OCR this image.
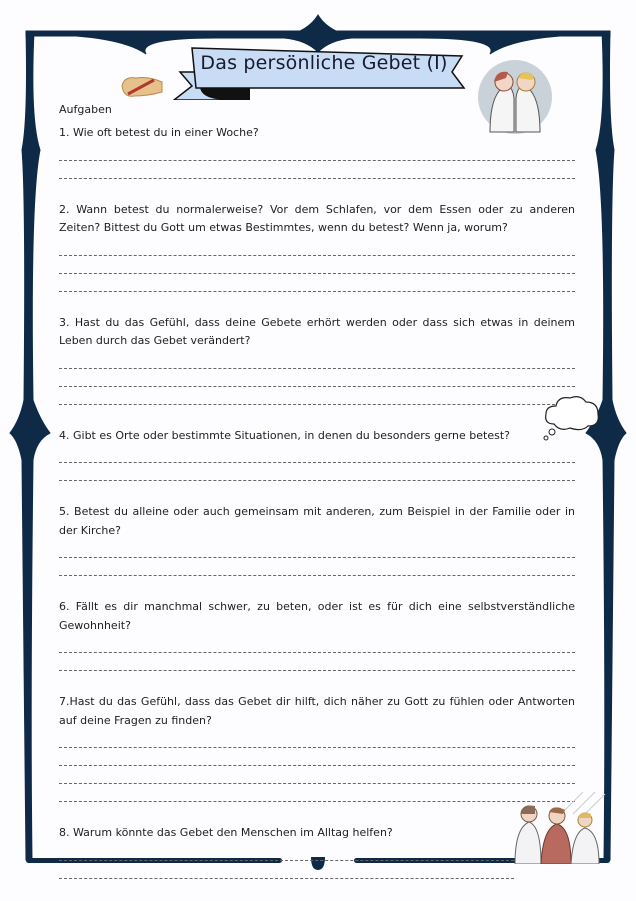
Das persönliche Gebet (I)
Aufgaben

1. Wie oft betest du in einer Woche?

2. Wann betest du normalerweise? Vor dem Schlafen, vor dem Essen oder zu anderen Zeiten? Bittest du Gott um etwas Bestimmtes, wenn du betest? Wenn ja, worum?

3. Hast du das Gefühl, dass deine Gebete erhört werden oder dass sich etwas in deinem Leben durch das Gebet verändert?

4. Gibt es Orte oder bestimmte Situationen, in denen du besonders gerne betest?

5. Betest du alleine oder auch gemeinsam mit anderen, zum Beispiel in der Familie oder in der Kirche?

6. Fällt es dir manchmal schwer, zu beten, oder ist es für dich eine selbstverständliche Gewohnheit?

7.Hast du das Gefühl, dass das Gebet dir hilft, dich näher zu Gott zu fühlen oder Antworten auf deine Fragen zu finden?

8. Warum könnte das Gebet den Menschen im Alltag helfen?
